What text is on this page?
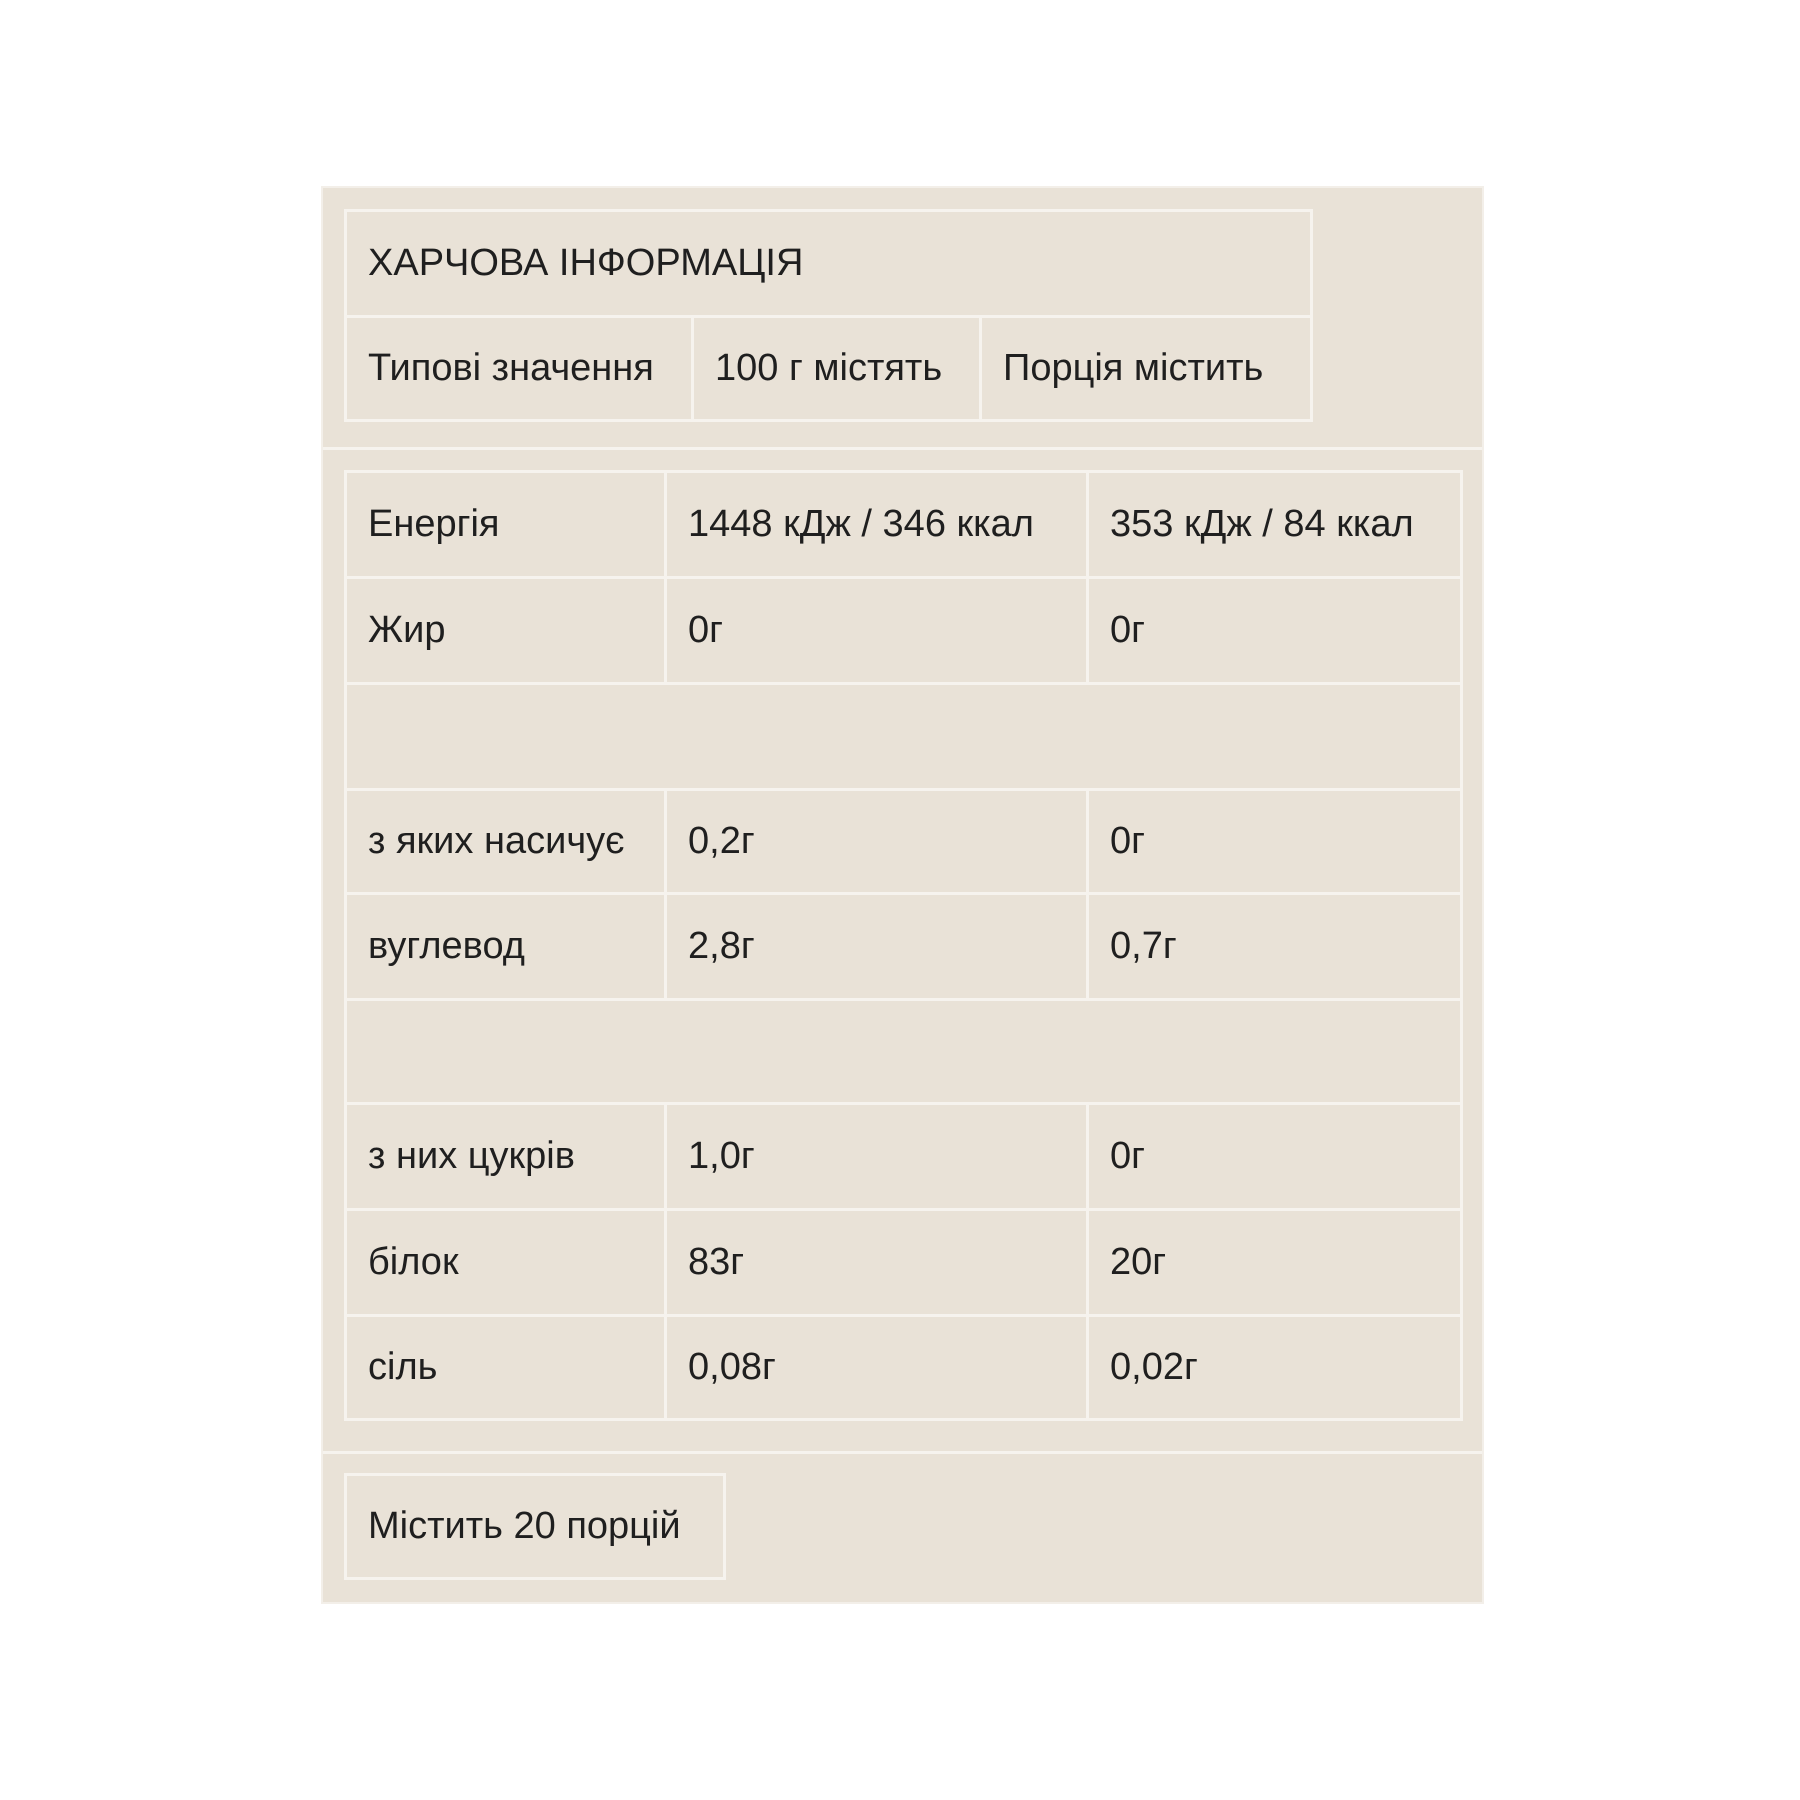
ХАРЧОВА ІНФОРМАЦІЯ
Типові значення	100 г містять	Порція містить
Енергія	1448 кДж / 346 ккал	353 кДж / 84 ккал
Жир	0г	0г

з яких насичує	0,2г	0г
вуглевод	2,8г	0,7г

з них цукрів	1,0г	0г
білок	83г	20г
сіль	0,08г	0,02г
Містить 20 порцій
